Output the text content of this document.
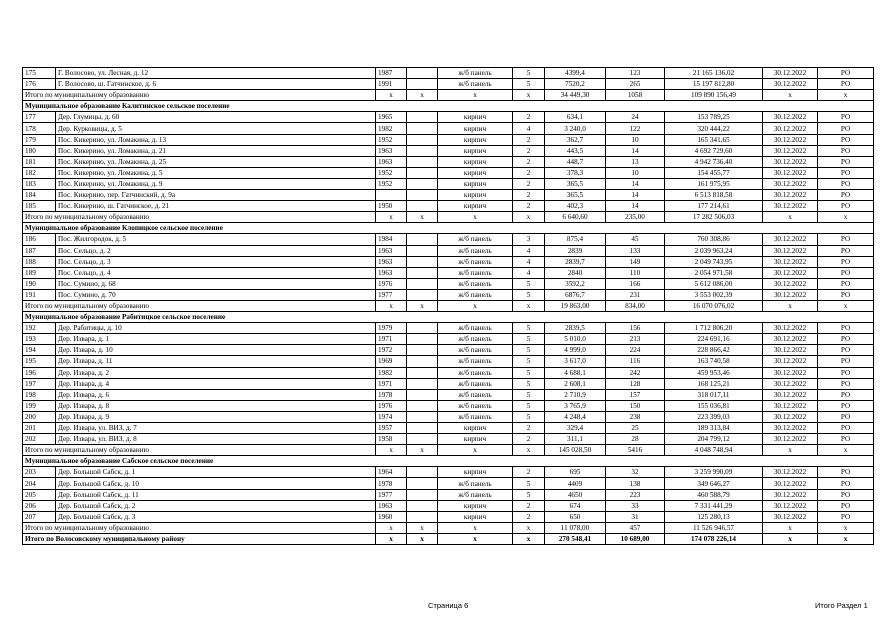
175	Г. Волосово, ул. Лесная, д. 12	1987		ж/б панель	5	4399,4	123	21 165 136,02	30.12.2022	РО
176	Г. Волосово, ш. Гатчинское, д. 6	1991		ж/б панель	5	7520,2	265	15 197 812,80	30.12.2022	РО
Итого по муниципальному образованию		х	х	х	х	34 449,30	1058	109 890 156,49	х	х
Муниципальное образование Калитинское сельское поселение										
177	Дер. Глумицы, д. 60	1965		кирпич	2	634,1	24	153 789,25	30.12.2022	РО
178	Дер. Курковицы, д. 5	1982		кирпич	4	3 240,0	122	320 444,22	30.12.2022	РО
179	Пос. Кикерино, ул. Ломакина, д. 13	1952		кирпич	2	362,7	10	165 341,65	30.12.2022	РО
180	Пос. Кикерино, ул. Ломакина, д. 21	1963		кирпич	2	443,5	14	4 692 729,60	30.12.2022	РО
181	Пос. Кикерино, ул. Ломакина, д. 25	1963		кирпич	2	448,7	13	4 942 736,40	30.12.2022	РО
182	Пос. Кикерино, ул. Ломакина, д. 5	1952		кирпич	2	378,3	10	154 455,77	30.12.2022	РО
183	Пос. Кикерино, ул. Ломакина, д. 9	1952		кирпич	2	365,5	14	161 975,95	30.12.2022	РО
184	Пос. Кикерино, пер. Гатчинский, д. 9а			кирпич	2	365,5	14	6 513 818,58	30.12.2022	РО
185	Пос. Кикерино, ш. Гатчинское, д. 21	1950		кирпич	2	402,3	14	177 214,61	30.12.2022	РО
Итого по муниципальному образованию		х	х	х	х	6 640,60	235,00	17 282 506,03	х	х
Муниципальное образование Клопицкое сельское поселение										
186	Пос. Жилгородок, д. 5	1984		ж/б панель	3	875,4	45	760 308,86	30.12.2022	РО
187	Пос. Сельцо, д. 2	1963		ж/б панель	4	2839	133	2 039 963,24	30.12.2022	РО
188	Пос. Сельцо, д. 3	1963		ж/б панель	4	2839,7	149	2 049 743,95	30.12.2022	РО
189	Пос. Сельцо, д. 4	1963		ж/б панель	4	2840	110	2 054 971,58	30.12.2022	РО
190	Пос. Сумино, д. 68	1976		ж/б панель	5	3592,2	166	5 612 086,00	30.12.2022	РО
191	Пос. Сумино, д. 70	1977		ж/б панель	5	6876,7	231	3 553 002,39	30.12.2022	РО
Итого по муниципальному образованию		х	х	х	х	19 863,00	834,00	16 070 076,02	х	х
Муниципальное образование Рабитицкое сельское поселение										
192	Дер. Рабитицы, д. 10	1979		ж/б панель	5	2839,5	156	1 712 806,20	30.12.2022	РО
193	Дер. Извара, д. 1	1971		ж/б панель	5	5 010,0	213	224 691,16	30.12.2022	РО
194	Дер. Извара, д. 10	1972		ж/б панель	5	4 999,0	224	228 866,42	30.12.2022	РО
195	Дер. Извара, д. 11	1969		ж/б панель	5	3 617,0	116	163 740,58	30.12.2022	РО
196	Дер. Извара, д. 2	1982		ж/б панель	5	4 688,1	242	459 953,46	30.12.2022	РО
197	Дер. Извара, д. 4	1971		ж/б панель	5	2 608,1	128	168 125,21	30.12.2022	РО
198	Дер. Извара, д. 6	1978		ж/б панель	5	2 710,9	157	318 017,11	30.12.2022	РО
199	Дер. Извара, д. 8	1976		ж/б панель	5	3 765,9	150	155 036,81	30.12.2022	РО
200	Дер. Извара, д. 9	1974		ж/б панель	5	4 248,4	238	223 399,03	30.12.2022	РО
201	Дер. Извара, ул. ВИЗ, д. 7	1957		кирпич	2	329,4	25	189 313,84	30.12.2022	РО
202	Дер. Извара, ул. ВИЗ, д. 8	1958		кирпич	2	311,1	28	204 799,12	30.12.2022	РО
Итого по муниципальному образованию		х	х	х	х	145 028,50	5416	4 048 748,94	х	х
Муниципальное образование Сабское сельское поселение										
203	Дер. Большой Сабск, д. 1	1964		кирпич	2	695	32	3 259 990,09	30.12.2022	РО
204	Дер. Большой Сабск, д. 10	1978		ж/б панель	5	4409	138	349 646,27	30.12.2022	РО
205	Дер. Большой Сабск, д. 11	1977		ж/б панель	5	4650	223	460 588,79	30.12.2022	РО
206	Дер. Большой Сабск, д. 2	1963		кирпич	2	674	33	7 331 441,29	30.12.2022	РО
207	Дер. Большой Сабск, д. 3	1960		кирпич	2	650	31	125 280,13	30.12.2022	РО
Итого по муниципальному образованию		х	х	х	х	11 078,00	457	11 526 946,57	х	х
Итого по Волосовскому муниципальному району		х	х	х	х	270 548,41	10 689,00	174 078 226,14	х	х
Страница 6	Итого Раздел 1
